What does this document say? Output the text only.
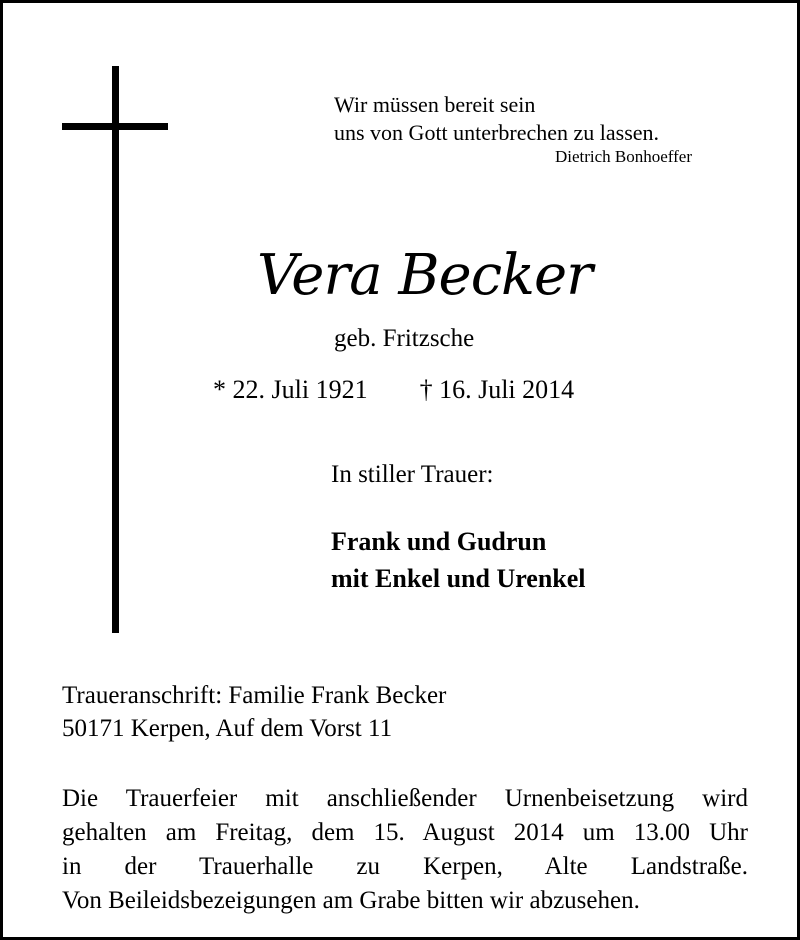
Wir müssen bereit sein
uns von Gott unterbrechen zu lassen.
Dietrich Bonhoeffer
Vera Becker
geb. Fritzsche
* 22. Juli 1921 † 16. Juli 2014
In stiller Trauer:
Frank und Gudrun
mit Enkel und Urenkel
Traueranschrift: Familie Frank Becker
50171 Kerpen, Auf dem Vorst 11
Die Trauerfeier mit anschließender Urnenbeisetzung wird
gehalten am Freitag, dem 15. August 2014 um 13.00 Uhr
in der Trauerhalle zu Kerpen, Alte Landstraße.
Von Beileidsbezeigungen am Grabe bitten wir abzusehen.
